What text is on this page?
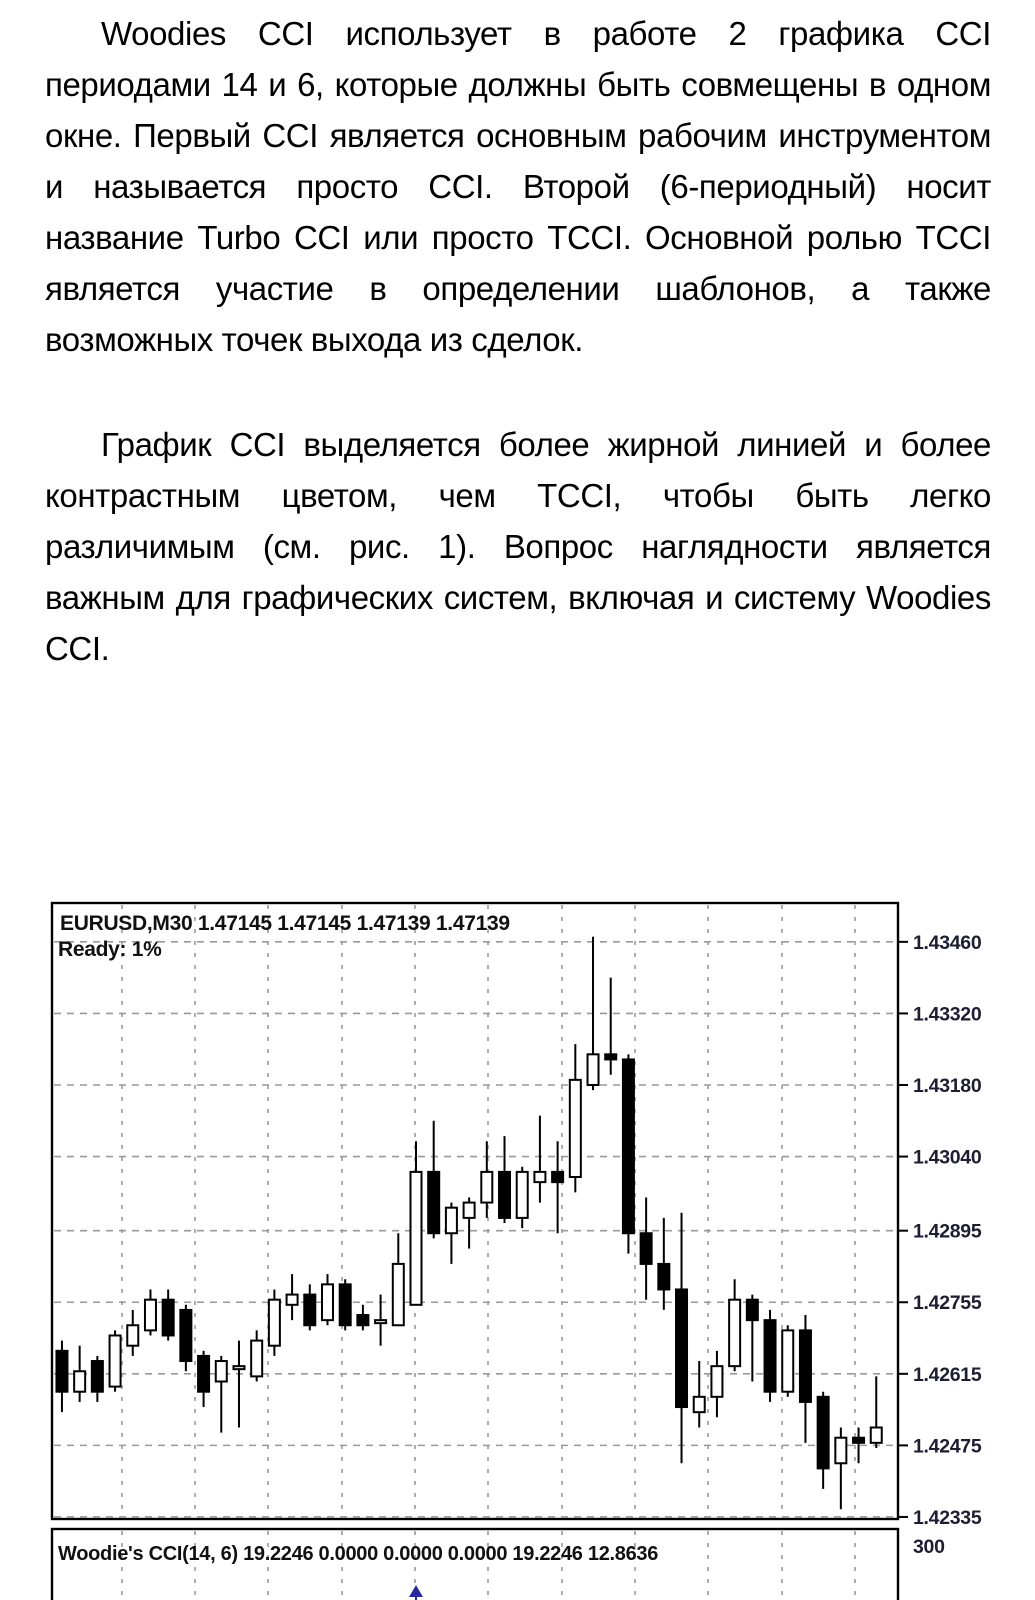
Woodies CCI использует в работе 2 графика CCI периодами 14 и 6, которые должны быть совмещены в одном окне. Первый CCI является основным рабочим инструментом и называется просто CCI. Второй (6-периодный) носит название Turbo CCI или просто TCCI. Основной ролью TCCI является участие в определении шаблонов, а также возможных точек выхода из сделок.

График CCI выделяется более жирной линией и более контрастным цветом, чем TCCI, чтобы быть легко различимым (см. рис. 1). Вопрос наглядности является важным для графических систем, включая и систему Woodies CCI.

1.43460
1.43320
1.43180
1.43040
1.42895
1.42755
1.42615
1.42475
1.42335
EURUSD,M30 1.47145 1.47145 1.47139 1.47139
Ready: 1%
Woodie's CCI(14, 6) 19.2246 0.0000 0.0000 0.0000 19.2246 12.8636	300
